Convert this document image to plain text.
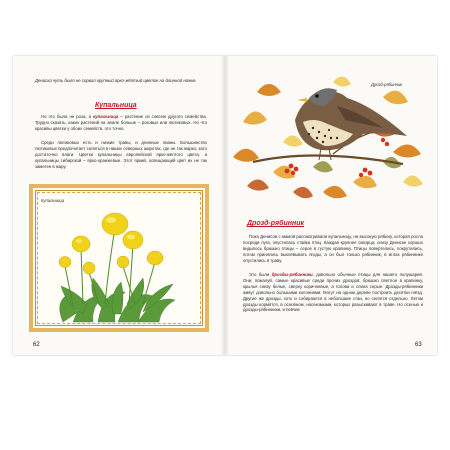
Дениска чуть было не сорвал крупный ярко-жёлтый цветок на длинной ножке.
Купальница
Но это была не роза, а купальница – растение из совсем другого семейства. Трудно сказать, каких растений на земле больше – розовых или лютиковых. Но что красивы цветки у обоих семейств, это точно.
Среди лютиковых есть и низкие травы, и длинные лианы. Большинство лютиковых предпочитает селиться в наших северных широтах, где не так жарко, зато достаточно влаги. Цветки купальницы европейской ярко-жёлтого цвета, а купальницы сибирской – ярко-оранжевые. Этот яркий, освещающий цвет их не так заметен в жару.
Купальница
62
Дрозд-рябинник
Дрозд-рябинник
Пока Денисов с мамой рассматривали купальницу, на высокую рябину, которая росла посреди луга, опустилась стайка птиц. Каждая крупнее скворца, снизу Денискe хорошо видилось брюшко птицы – серое в густую крапинку. Птицы повертелись, покрутились, потом принялись выклёвывать ягоды, а он был только рябинник, в иглах рябиннике опустились в траву.
Это были дрозды-рябинники, довольно обычные птицы для нашего полушария. Они, пожалуй, самые красивые среди прочих дроздов: брюшко светлое в крапинку, крылья снизу белые, сверху коричневые, а голова и спина серые. Дрозды-рябинники живут довольно большими колониями. Могут на одном дереве построить десятки гнёзд. Другие же дрозды, хоть и собираются в небольшие стаи, но селятся отдельно. Летом дрозды кормятся, в основном, насекомыми, которых разыскивают в траве. Но осенью и дрозды-рябинники, и певчие
63
